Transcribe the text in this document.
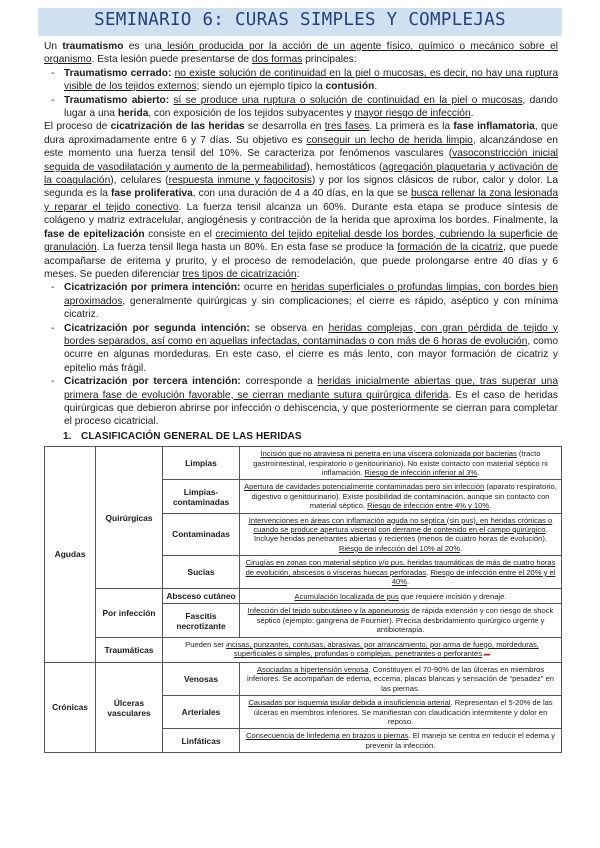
SEMINARIO 6: CURAS SIMPLES Y COMPLEJAS

Un traumatismo es una lesión producida por la acción de un agente físico, químico o mecánico sobre el organismo. Esta lesión puede presentarse de dos formas principales:

- Traumatismo cerrado: no existe solución de continuidad en la piel o mucosas, es decir, no hay una ruptura visible de los tejidos externos; siendo un ejemplo típico la contusión.
- Traumatismo abierto: sí se produce una ruptura o solución de continuidad en la piel o mucosas, dando lugar a una herida, con exposición de los tejidos subyacentes y mayor riesgo de infección.

El proceso de cicatrización de las heridas se desarrolla en tres fases. La primera es la fase inflamatoria, que dura aproximadamente entre 6 y 7 días. Su objetivo es conseguir un lecho de herida limpio, alcanzándose en este momento una fuerza tensil del 10%. Se caracteriza por fenómenos vasculares (vasoconstricción inicial seguida de vasodilatación y aumento de la permeabilidad), hemostáticos (agregación plaquetaria y activación de la coagulación), celulares (respuesta inmune y fagocitosis) y por los signos clásicos de rubor, calor y dolor. La segunda es la fase proliferativa, con una duración de 4 a 40 días, en la que se busca rellenar la zona lesionada y reparar el tejido conectivo. La fuerza tensil alcanza un 60%. Durante esta etapa se produce síntesis de colágeno y matriz extracelular, angiogénesis y contracción de la herida que aproxima los bordes. Finalmente, la fase de epitelización consiste en el crecimiento del tejido epitelial desde los bordes, cubriendo la superficie de granulación. La fuerza tensil llega hasta un 80%. En esta fase se produce la formación de la cicatriz, que puede acompañarse de eritema y prurito, y el proceso de remodelación, que puede prolongarse entre 40 días y 6 meses. Se pueden diferenciar tres tipos de cicatrización:

- Cicatrización por primera intención: ocurre en heridas superficiales o profundas limpias, con bordes bien aproximados, generalmente quirúrgicas y sin complicaciones; el cierre es rápido, aséptico y con mínima cicatriz.
- Cicatrización por segunda intención: se observa en heridas complejas, con gran pérdida de tejido y bordes separados, así como en aquellas infectadas, contaminadas o con más de 6 horas de evolución, como ocurre en algunas mordeduras. En este caso, el cierre es más lento, con mayor formación de cicatriz y epitelio más frágil.
- Cicatrización por tercera intención: corresponde a heridas inicialmente abiertas que, tras superar una primera fase de evolución favorable, se cierran mediante sutura quirúrgica diferida. Es el caso de heridas quirúrgicas que debieron abrirse por infección o dehiscencia, y que posteriormente se cierran para completar el proceso cicatricial.
1. CLASIFICACIÓN GENERAL DE LAS HERIDAS
Agudas	Quirúrgicas	Limpias	Incisión que no atraviesa ni penetra en una víscera colonizada por bacterias (tracto gastrointestinal, respiratorio o genitourinario). No existe contacto con material séptico ni inflamación. Riesgo de infección inferior al 3%.
		Limpias-contaminadas	Apertura de cavidades potencialmente contaminadas pero sin infección (aparato respiratorio, digestivo o genitourinario). Existe posibilidad de contaminación, aunque sin contacto con material séptico. Riesgo de infección entre 4% y 10%.
		Contaminadas	Intervenciones en áreas con inflamación aguda no séptica (sin pus), en heridas crónicas o cuando se produce apertura visceral con derrame de contenido en el campo quirúrgico. Incluye heridas penetrantes abiertas y recientes (menos de cuatro horas de evolución). Riesgo de infección del 10% al 20%.
		Sucias	Cirugías en zonas con material séptico y/o pus, heridas traumáticas de más de cuatro horas de evolución, abscesos o vísceras huecas perforadas. Riesgo de infección entre el 20% y el 40%.
	Por infección	Absceso cutáneo	Acumulación localizada de pus que requiere incisión y drenaje.
		Fascitis necrotizante	Infección del tejido subcutáneo y la aponeurosis de rápida extensión y con riesgo de shock séptico (ejemplo: gangrena de Fournier). Precisa desbridamiento quirúrgico urgente y antibioterapia.
	Traumáticas	Pueden ser incisas, punzantes, contusas, abrasivas, por arrancamiento, por arma de fuego, mordeduras, superficiales o simples, profundas o complejas, penetrantes o perforantes.▬	
Crónicas	Úlceras vasculares	Venosas	Asociadas a hipertensión venosa. Constituyen el 70-90% de las úlceras en miembros inferiores. Se acompañan de edema, eccema, placas blancas y sensación de “pesadez” en las piernas.
		Arteriales	Causadas por isquemia tisular debida a insuficiencia arterial. Representan el 5-20% de las úlceras en miembros inferiores. Se manifiestan con claudicación intermitente y dolor en reposo.
		Linfáticas	Consecuencia de linfedema en brazos o piernas. El manejo se centra en reducir el edema y prevenir la infección.
